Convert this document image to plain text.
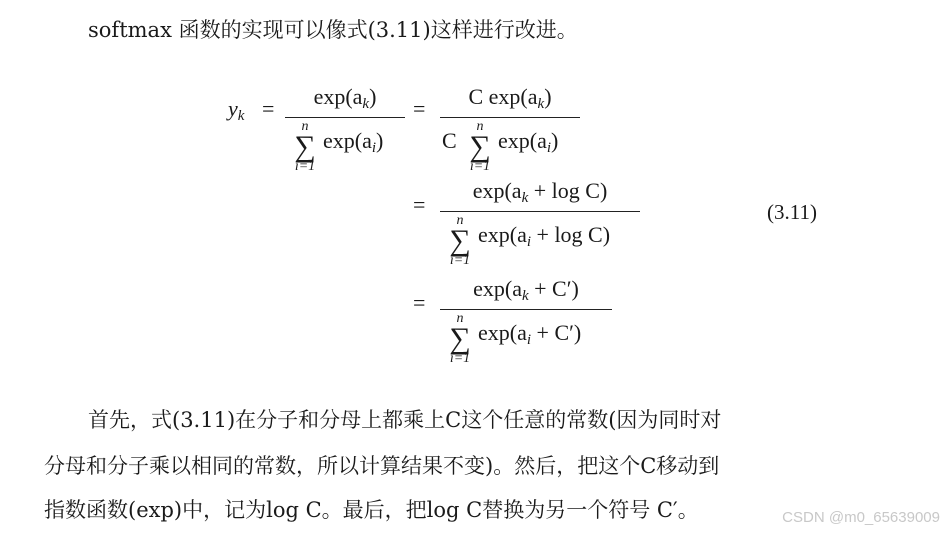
softmax 函数的实现可以像式(3.11)这样进行改进。
$y_k$ =	$\exp(a_k)$
n
∑
i=1
$\exp(a_i)$
=	C $\exp(a_k)$
C
n
∑
i=1
$\exp(a_i)$
=
$\exp(a_k + \log C)$
n
∑
i=1
$\exp(a_i + \log C)$
(3.11)
=
$\exp(a_k + C')$
n
∑
i=1
$\exp(a_i + C')$
首先，式(3.11)在分子和分母上都乘上C这个任意的常数(因为同时对
分母和分子乘以相同的常数，所以计算结果不变)。然后，把这个C移动到
指数函数(exp)中，记为log C。最后，把log C替换为另一个符号 C′。	CSDN @m0_65639009
